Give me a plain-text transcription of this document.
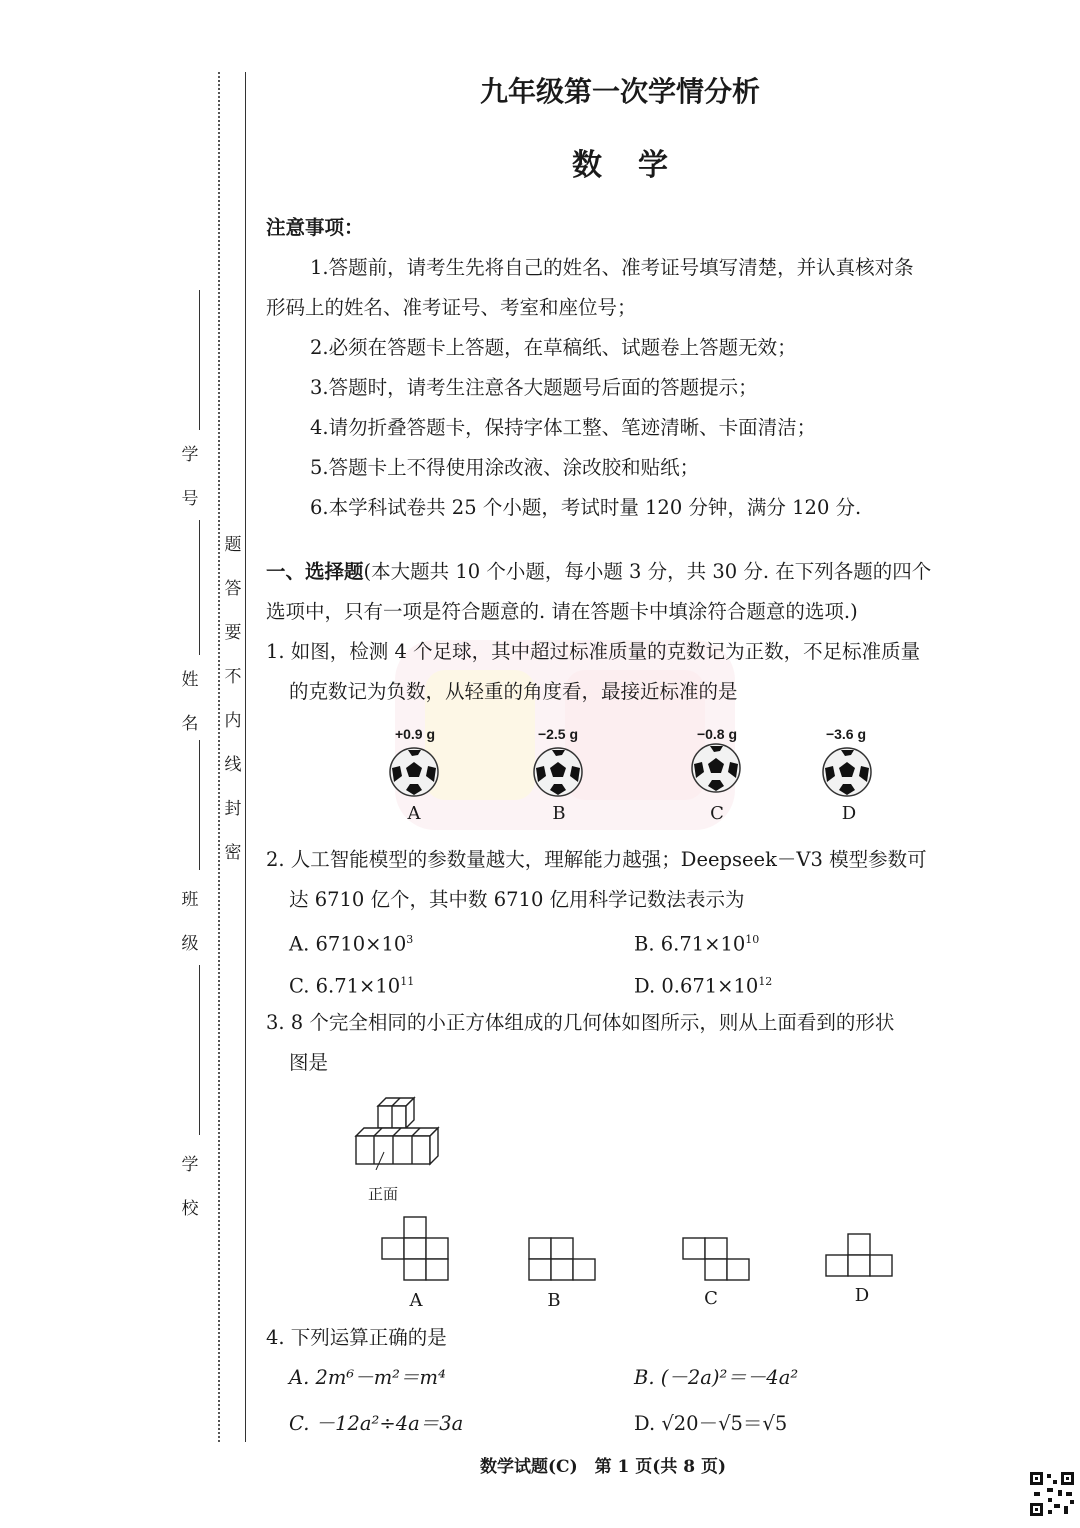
学
号
姓
名
班
级
学
校
题
答
要
不
内
线
封
密
九年级第一次学情分析
数学
注意事项：
1.答题前，请考生先将自己的姓名、准考证号填写清楚，并认真核对条
形码上的姓名、准考证号、考室和座位号；
2.必须在答题卡上答题，在草稿纸、试题卷上答题无效；
3.答题时，请考生注意各大题题号后面的答题提示；
4.请勿折叠答题卡，保持字体工整、笔迹清晰、卡面清洁；
5.答题卡上不得使用涂改液、涂改胶和贴纸；
6.本学科试卷共 25 个小题，考试时量 120 分钟，满分 120 分.
一、选择题(本大题共 10 个小题，每小题 3 分，共 30 分. 在下列各题的四个
选项中，只有一项是符合题意的. 请在答题卡中填涂符合题意的选项.)
1. 如图，检测 4 个足球，其中超过标准质量的克数记为正数，不足标准质量
的克数记为负数，从轻重的角度看，最接近标准的是
+0.9 g	−2.5 g	−0.8 g	−3.6 g
A	B	C	D
2. 人工智能模型的参数量越大，理解能力越强；Deepseek－V3 模型参数可
达 6710 亿个，其中数 6710 亿用科学记数法表示为
A. $6710\times 10^3$	B. $6.71\times 10^{10}$
C. $6.71\times 10^{11}$	D. $0.671\times 10^{12}$
3. 8 个完全相同的小正方体组成的几何体如图所示，则从上面看到的形状
图是
正面
A	B	C	D
4. 下列运算正确的是
A. 2m⁶－m²＝m⁴	B. (－2a)²＝－4a²
C. －12a²÷4a＝3a	D. √20－√5＝√5
数学试题(C)　第 1 页(共 8 页)
